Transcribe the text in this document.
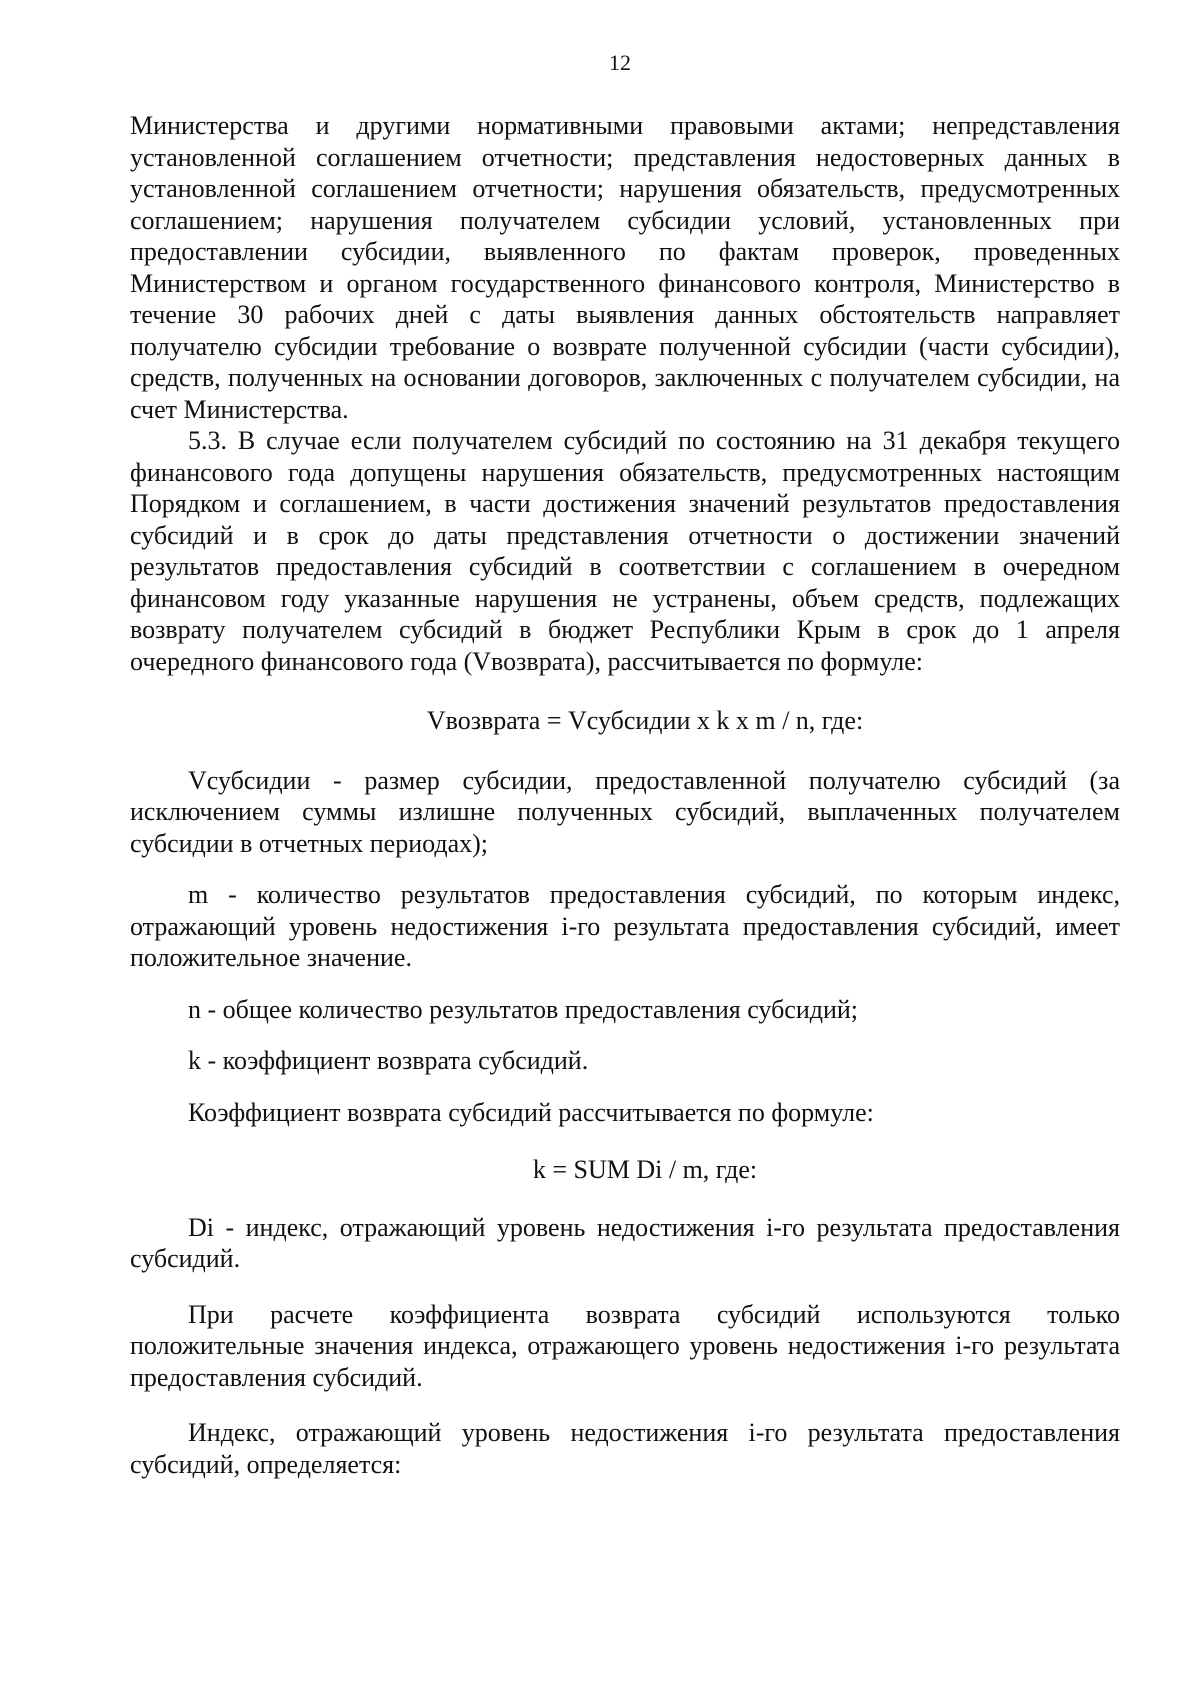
12

Министерства и другими нормативными правовыми актами; непредставления установленной соглашением отчетности; представления недостоверных данных в установленной соглашением отчетности; нарушения обязательств, предусмотренных соглашением; нарушения получателем субсидии условий, установленных при предоставлении субсидии, выявленного по фактам проверок, проведенных Министерством и органом государственного финансового контроля, Министерство в течение 30 рабочих дней с даты выявления данных обстоятельств направляет получателю субсидии требование о возврате полученной субсидии (части субсидии), средств, полученных на основании договоров, заключенных с получателем субсидии, на счет Министерства.

5.3. В случае если получателем субсидий по состоянию на 31 декабря текущего финансового года допущены нарушения обязательств, предусмотренных настоящим Порядком и соглашением, в части достижения значений результатов предоставления субсидий и в срок до даты представления отчетности о достижении значений результатов предоставления субсидий в соответствии с соглашением в очередном финансовом году указанные нарушения не устранены, объем средств, подлежащих возврату получателем субсидий в бюджет Республики Крым в срок до 1 апреля очередного финансового года (Vвозврата), рассчитывается по формуле:

Vвозврата = Vсубсидии x k x m / n, где:

Vсубсидии - размер субсидии, предоставленной получателю субсидий (за исключением суммы излишне полученных субсидий, выплаченных получателем субсидии в отчетных периодах);

m - количество результатов предоставления субсидий, по которым индекс, отражающий уровень недостижения i-го результата предоставления субсидий, имеет положительное значение.

n - общее количество результатов предоставления субсидий;

k - коэффициент возврата субсидий.

Коэффициент возврата субсидий рассчитывается по формуле:

k = SUM Di / m, где:

Di - индекс, отражающий уровень недостижения i-го результата предоставления субсидий.

При расчете коэффициента возврата субсидий используются только положительные значения индекса, отражающего уровень недостижения i-го результата предоставления субсидий.

Индекс, отражающий уровень недостижения i-го результата предоставления субсидий, определяется:
